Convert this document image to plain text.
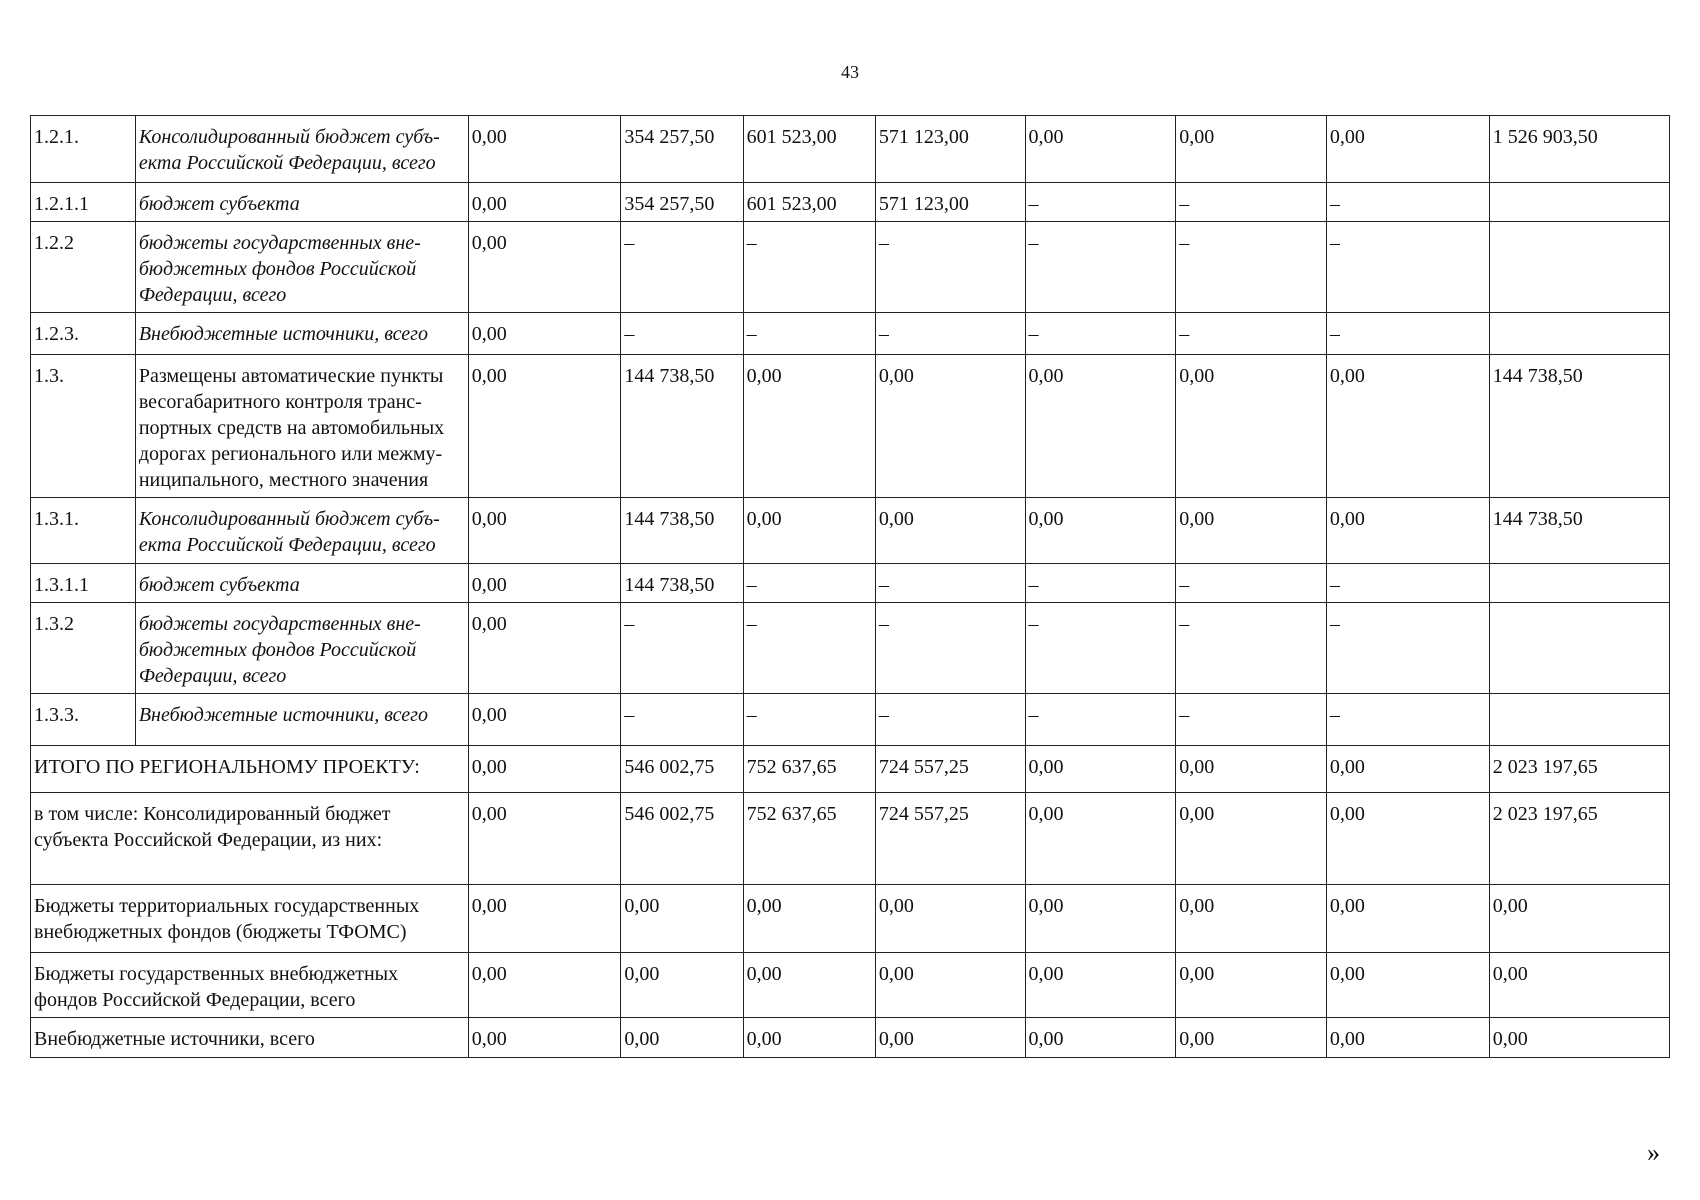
43
1.2.1.	Консолидированный бюджет субъ-екта Российской Федерации, всего	0,00	354 257,50	601 523,00	571 123,00	0,00	0,00	0,00	1 526 903,50
1.2.1.1	бюджет субъекта	0,00	354 257,50	601 523,00	571 123,00	–	–	–	
1.2.2	бюджеты государственных вне-бюджетных фондов Российской Федерации, всего	0,00	–	–	–	–	–	–	
1.2.3.	Внебюджетные источники, всего	0,00	–	–	–	–	–	–	
1.3.	Размещены автоматические пункты весогабаритного контроля транс-портных средств на автомобильных дорогах регионального или межму-ниципального, местного значения	0,00	144 738,50	0,00	0,00	0,00	0,00	0,00	144 738,50
1.3.1.	Консолидированный бюджет субъ-екта Российской Федерации, всего	0,00	144 738,50	0,00	0,00	0,00	0,00	0,00	144 738,50
1.3.1.1	бюджет субъекта	0,00	144 738,50	–	–	–	–	–	
1.3.2	бюджеты государственных вне-бюджетных фондов Российской Федерации, всего	0,00	–	–	–	–	–	–	
1.3.3.	Внебюджетные источники, всего	0,00	–	–	–	–	–	–	
ИТОГО ПО РЕГИОНАЛЬНОМУ ПРОЕКТУ:		0,00	546 002,75	752 637,65	724 557,25	0,00	0,00	0,00	2 023 197,65
в том числе: Консолидированный бюджет субъекта Российской Федерации, из них:		0,00	546 002,75	752 637,65	724 557,25	0,00	0,00	0,00	2 023 197,65
Бюджеты территориальных государственных внебюджетных фондов (бюджеты ТФОМС)		0,00	0,00	0,00	0,00	0,00	0,00	0,00	0,00
Бюджеты государственных внебюджетных фондов Российской Федерации, всего		0,00	0,00	0,00	0,00	0,00	0,00	0,00	0,00
Внебюджетные источники, всего		0,00	0,00	0,00	0,00	0,00	0,00	0,00	0,00
»
